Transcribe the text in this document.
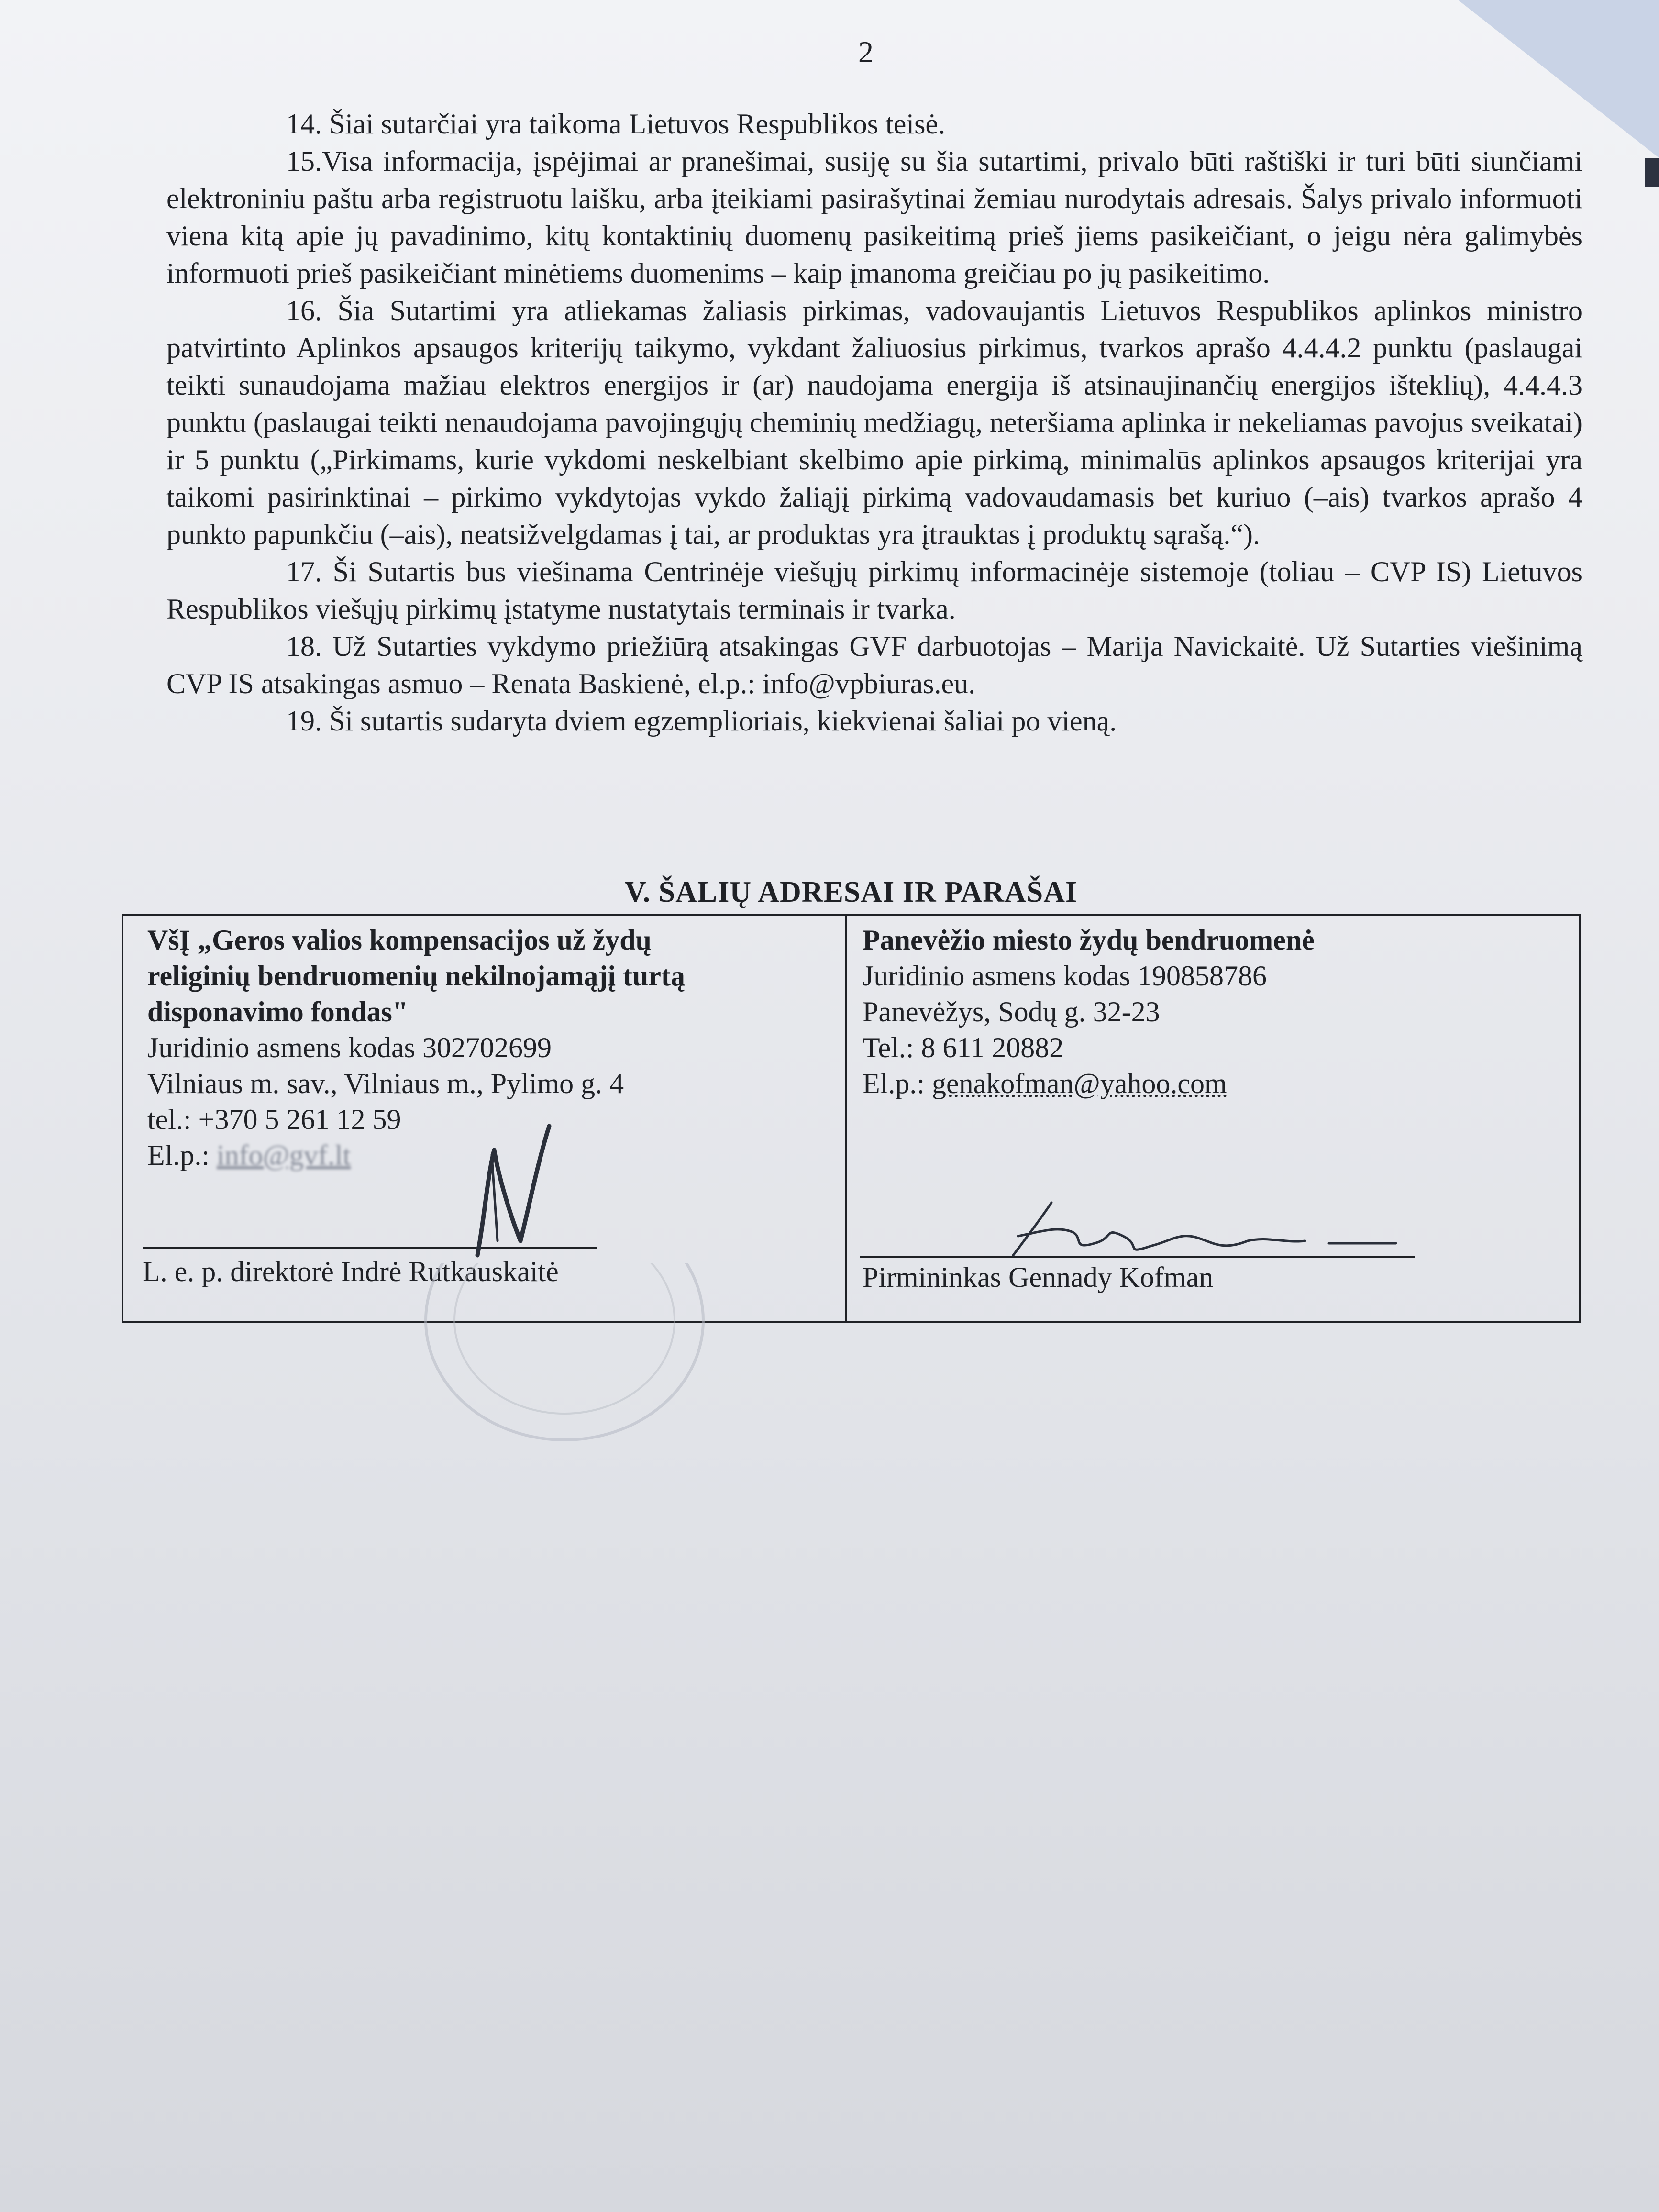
2

14. Šiai sutarčiai yra taikoma Lietuvos Respublikos teisė.

15.Visa informacija, įspėjimai ar pranešimai, susiję su šia sutartimi, privalo būti raštiški ir turi būti siunčiami elektroniniu paštu arba registruotu laišku, arba įteikiami pasirašytinai žemiau nurodytais adresais. Šalys privalo informuoti viena kitą apie jų pavadinimo, kitų kontaktinių duomenų pasikeitimą prieš jiems pasikeičiant, o jeigu nėra galimybės informuoti prieš pasikeičiant minėtiems duomenims – kaip įmanoma greičiau po jų pasikeitimo.

16. Šia Sutartimi yra atliekamas žaliasis pirkimas, vadovaujantis Lietuvos Respublikos aplinkos ministro patvirtinto Aplinkos apsaugos kriterijų taikymo, vykdant žaliuosius pirkimus, tvarkos aprašo 4.4.4.2 punktu (paslaugai teikti sunaudojama mažiau elektros energijos ir (ar) naudojama energija iš atsinaujinančių energijos išteklių), 4.4.4.3 punktu (paslaugai teikti nenaudojama pavojingųjų cheminių medžiagų, neteršiama aplinka ir nekeliamas pavojus sveikatai) ir 5 punktu („Pirkimams, kurie vykdomi neskelbiant skelbimo apie pirkimą, minimalūs aplinkos apsaugos kriterijai yra taikomi pasirinktinai – pirkimo vykdytojas vykdo žaliąjį pirkimą vadovaudamasis bet kuriuo (–ais) tvarkos aprašo 4 punkto papunkčiu (–ais), neatsižvelgdamas į tai, ar produktas yra įtrauktas į produktų sąrašą.“).

17. Ši Sutartis bus viešinama Centrinėje viešųjų pirkimų informacinėje sistemoje (toliau – CVP IS) Lietuvos Respublikos viešųjų pirkimų įstatyme nustatytais terminais ir tvarka.

18. Už Sutarties vykdymo priežiūrą atsakingas GVF darbuotojas – Marija Navickaitė. Už Sutarties viešinimą CVP IS atsakingas asmuo – Renata Baskienė, el.p.: info@vpbiuras.eu.

19. Ši sutartis sudaryta dviem egzemplioriais, kiekvienai šaliai po vieną.

V. ŠALIŲ ADRESAI IR PARAŠAI
VšĮ „Geros valios kompensacijos už žydų
religinių bendruomenių nekilnojamąjį turtą
disponavimo fondas"
Juridinio asmens kodas 302702699
Vilniaus m. sav., Vilniaus m., Pylimo g. 4
tel.: +370 5 261 12 59
El.p.: info@gvf.lt
Panevėžio miesto žydų bendruomenė
Juridinio asmens kodas 190858786
Panevėžys, Sodų g. 32-23
Tel.: 8 611 20882
El.p.: genakofman@yahoo.com
L. e. p. direktorė Indrė Rutkauskaitė	Pirmininkas Gennady Kofman
